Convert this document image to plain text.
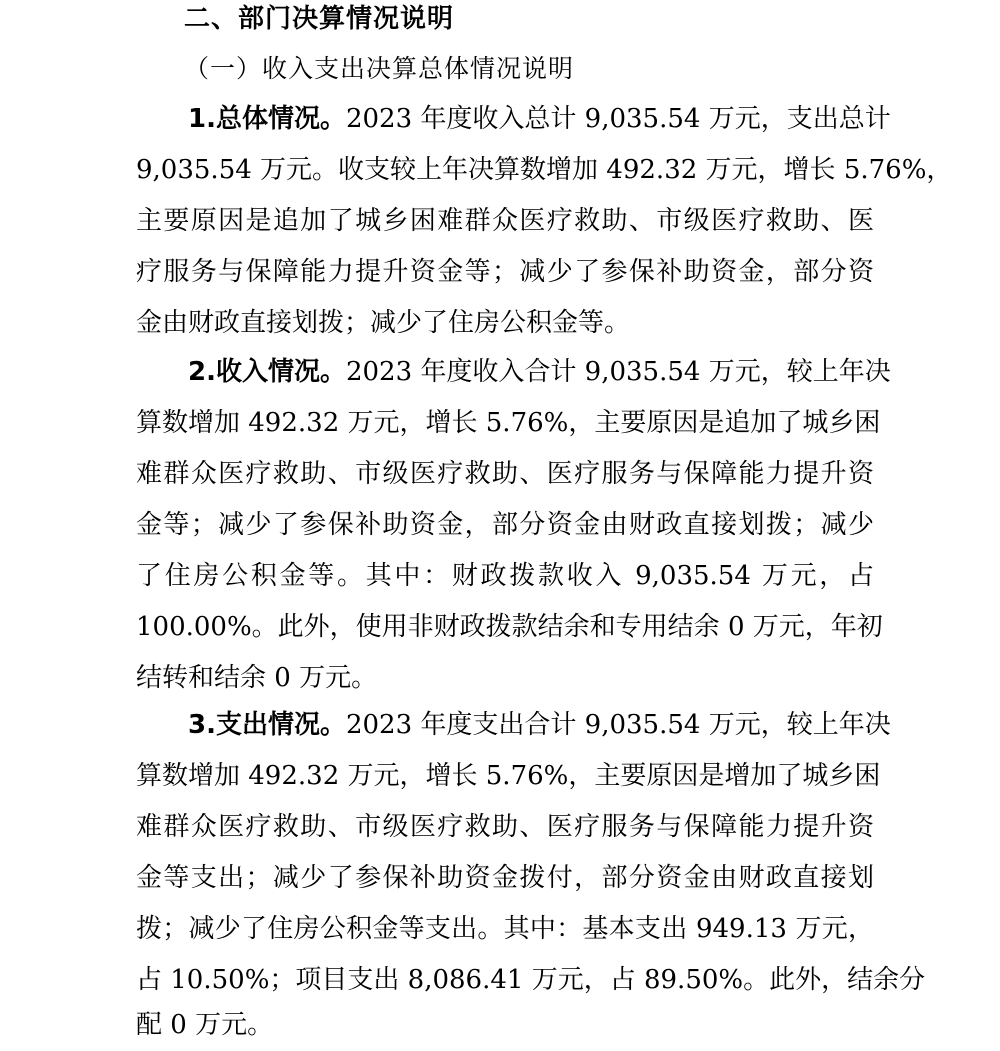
二、部门决算情况说明
（一）收入支出决算总体情况说明
1.总体情况。2023 年度收入总计 9,035.54 万元，支出总计
9,035.54 万元。收支较上年决算数增加 492.32 万元，增长 5.76%，
主要原因是追加了城乡困难群众医疗救助、市级医疗救助、医
疗服务与保障能力提升资金等；减少了参保补助资金，部分资
金由财政直接划拨；减少了住房公积金等。
2.收入情况。2023 年度收入合计 9,035.54 万元，较上年决
算数增加 492.32 万元，增长 5.76%，主要原因是追加了城乡困
难群众医疗救助、市级医疗救助、医疗服务与保障能力提升资
金等；减少了参保补助资金，部分资金由财政直接划拨；减少
了住房公积金等。其中：财政拨款收入 9,035.54 万元，占
100.00%。此外，使用非财政拨款结余和专用结余 0 万元，年初
结转和结余 0 万元。
3.支出情况。2023 年度支出合计 9,035.54 万元，较上年决
算数增加 492.32 万元，增长 5.76%，主要原因是增加了城乡困
难群众医疗救助、市级医疗救助、医疗服务与保障能力提升资
金等支出；减少了参保补助资金拨付，部分资金由财政直接划
拨；减少了住房公积金等支出。其中：基本支出 949.13 万元，
占 10.50%；项目支出 8,086.41 万元，占 89.50%。此外，结余分
配 0 万元。
